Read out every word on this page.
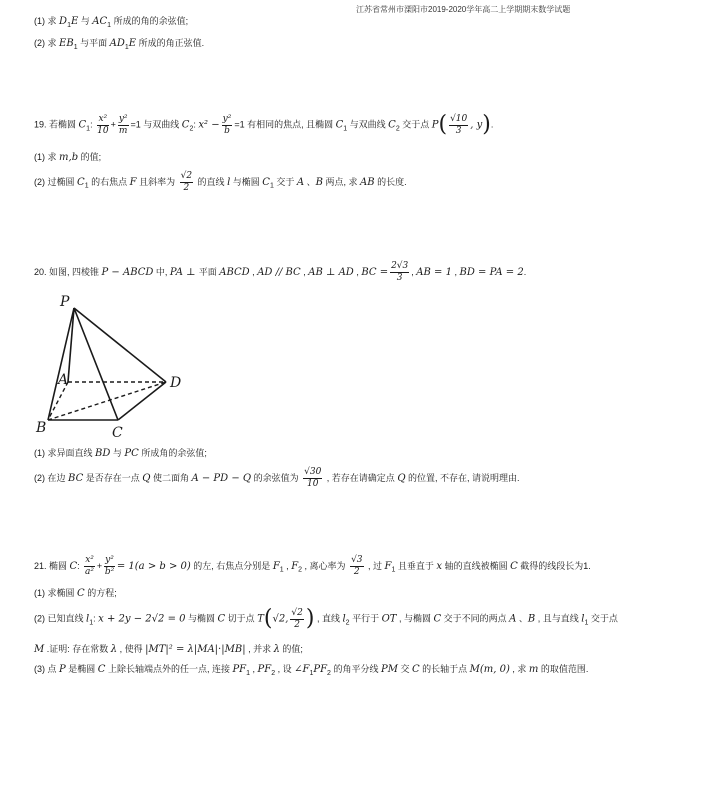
江苏省常州市溧阳市2019-2020学年高二上学期期末数学试题
(1) 求 $D_1E$ 与 $AC_1$ 所成的角的余弦值;
(2) 求 $EB_1$ 与平面 $AD_1E$ 所成的角正弦值.
19. 若椭圆 $C_1$: $\frac{\text{x²}}{10} + \frac{\text{y²}}{m} =1$ 与双曲线 $C_2$: $x^2 - \frac{\text{y²}}{b} =1$ 有相同的焦点, 且椭圆 $C_1$ 与双曲线 $C_2$ 交于点 $P( \frac{√10}{3}$ , y).
(1) 求 m,b 的值;
(2) 过椭圆 $C_1$ 的右焦点 F 且斜率为 $\frac{√2}{2}$ 的直线 l 与椭圆 $C_1$ 交于 A 、B 两点, 求 AB 的长度.
20. 如图, 四棱锥 P − ABCD 中, PA ⊥ 平面 ABCD , AD // BC , AB ⊥ AD , BC = $\frac{2√3}{3}$ , AB = 1 , BD = PA = 2.
P
A	D
B	C
(1) 求异面直线 BD 与 PC 所成角的余弦值;
(2) 在边 BC 是否存在一点 Q 使二面角 A − PD − Q 的余弦值为 $\frac{√30}{10}$ , 若存在请确定点 Q 的位置, 不存在, 请说明理由.
21. 椭圆 C: $\frac{\text{x²}}{\text{a²}} + \frac{\text{y²}}{\text{b²}} = 1(a > b > 0)$ 的左, 右焦点分别是 $F_1$ , $F_2$ , 离心率为 $\frac{√3}{2}$ , 过 $F_1$ 且垂直于 x 轴的直线被椭圆 C 截得的线段长为1.
(1) 求椭圆 C 的方程;
(2) 已知直线 $l_1$: x + 2y − 2√2 = 0 与椭圆 C 切于点 T(√2, $\frac{√2}{2}$ ) , 直线 $l_2$ 平行于 OT , 与椭圆 C 交于不同的两点 A 、B , 且与直线 $l_1$ 交于点
M .证明: 存在常数 λ , 使得 |MT|² = λ|MA|·|MB| , 并求 λ 的值;
(3) 点 P 是椭圆 C 上除长轴端点外的任一点, 连接 $PF_1$ , $PF_2$ , 设 $\angle F_1PF_2$ 的角平分线 PM 交 C 的长轴于点 M(m, 0) , 求 m 的取值范围.
